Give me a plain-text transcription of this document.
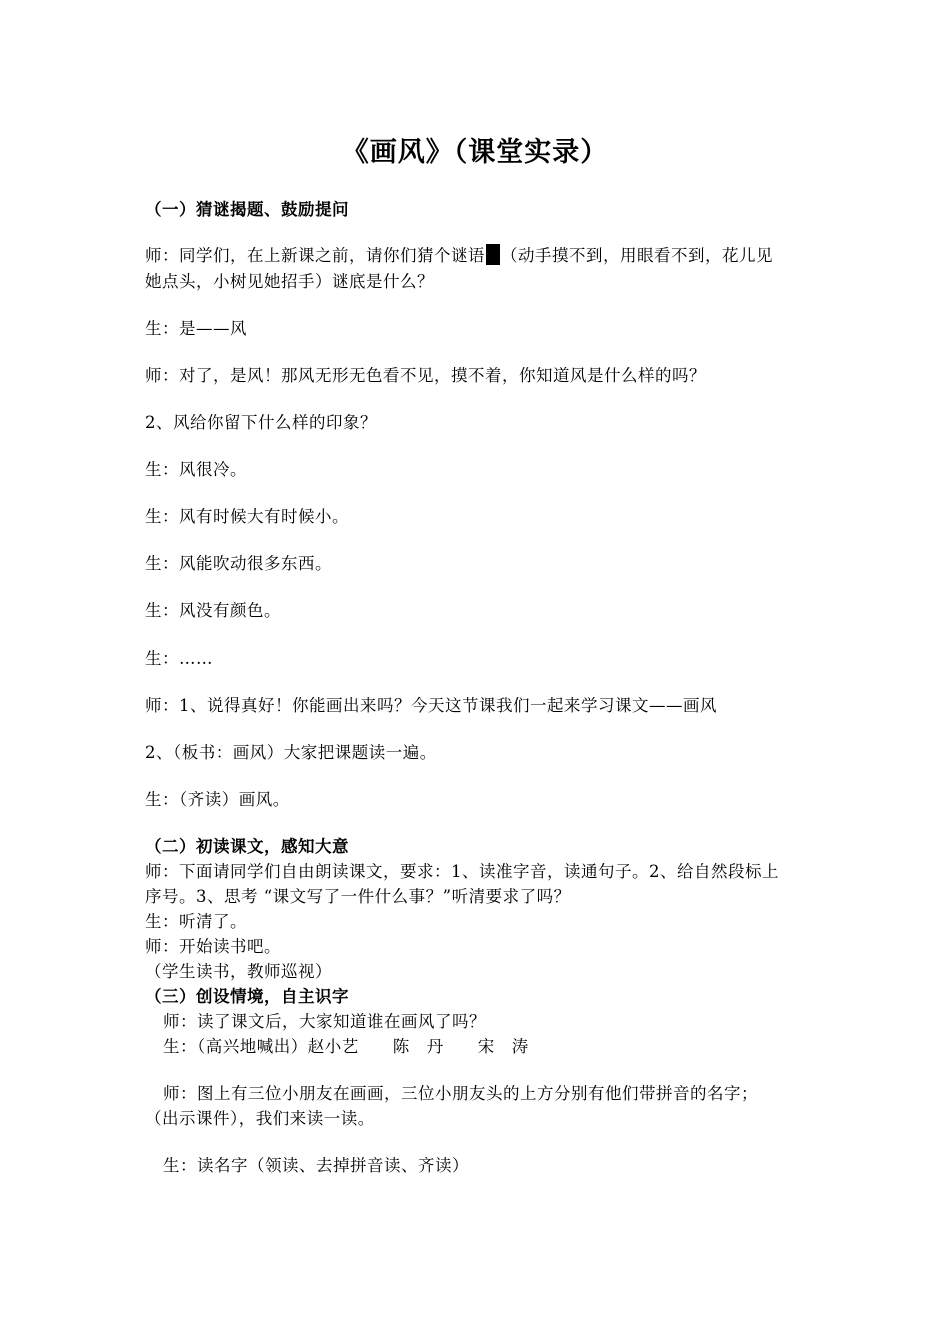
《画风》（课堂实录）
（一）猜谜揭题、鼓励提问
师：同学们，在上新课之前，请你们猜个谜语 （动手摸不到，用眼看不到，花儿见
她点头，小树见她招手）谜底是什么？
生：是——风
师：对了，是风！那风无形无色看不见，摸不着，你知道风是什么样的吗？
2、风给你留下什么样的印象？
生：风很冷。
生：风有时候大有时候小。
生：风能吹动很多东西。
生：风没有颜色。
生：……
师：1、说得真好！你能画出来吗？今天这节课我们一起来学习课文——画风
2、（板书：画风）大家把课题读一遍。
生：（齐读）画风。
（二）初读课文，感知大意
师：下面请同学们自由朗读课文，要求：1、读准字音，读通句子。2、给自然段标上
序号。3、思考 “课文写了一件什么事？”听清要求了吗？
生：听清了。
师：开始读书吧。
（学生读书，教师巡视）
（三）创设情境，自主识字
师：读了课文后，大家知道谁在画风了吗？
生：（高兴地喊出）赵小艺　　陈　丹　　宋　涛
师：图上有三位小朋友在画画，三位小朋友头的上方分别有他们带拼音的名字；
（出示课件），我们来读一读。
生：读名字（领读、去掉拼音读、齐读）
